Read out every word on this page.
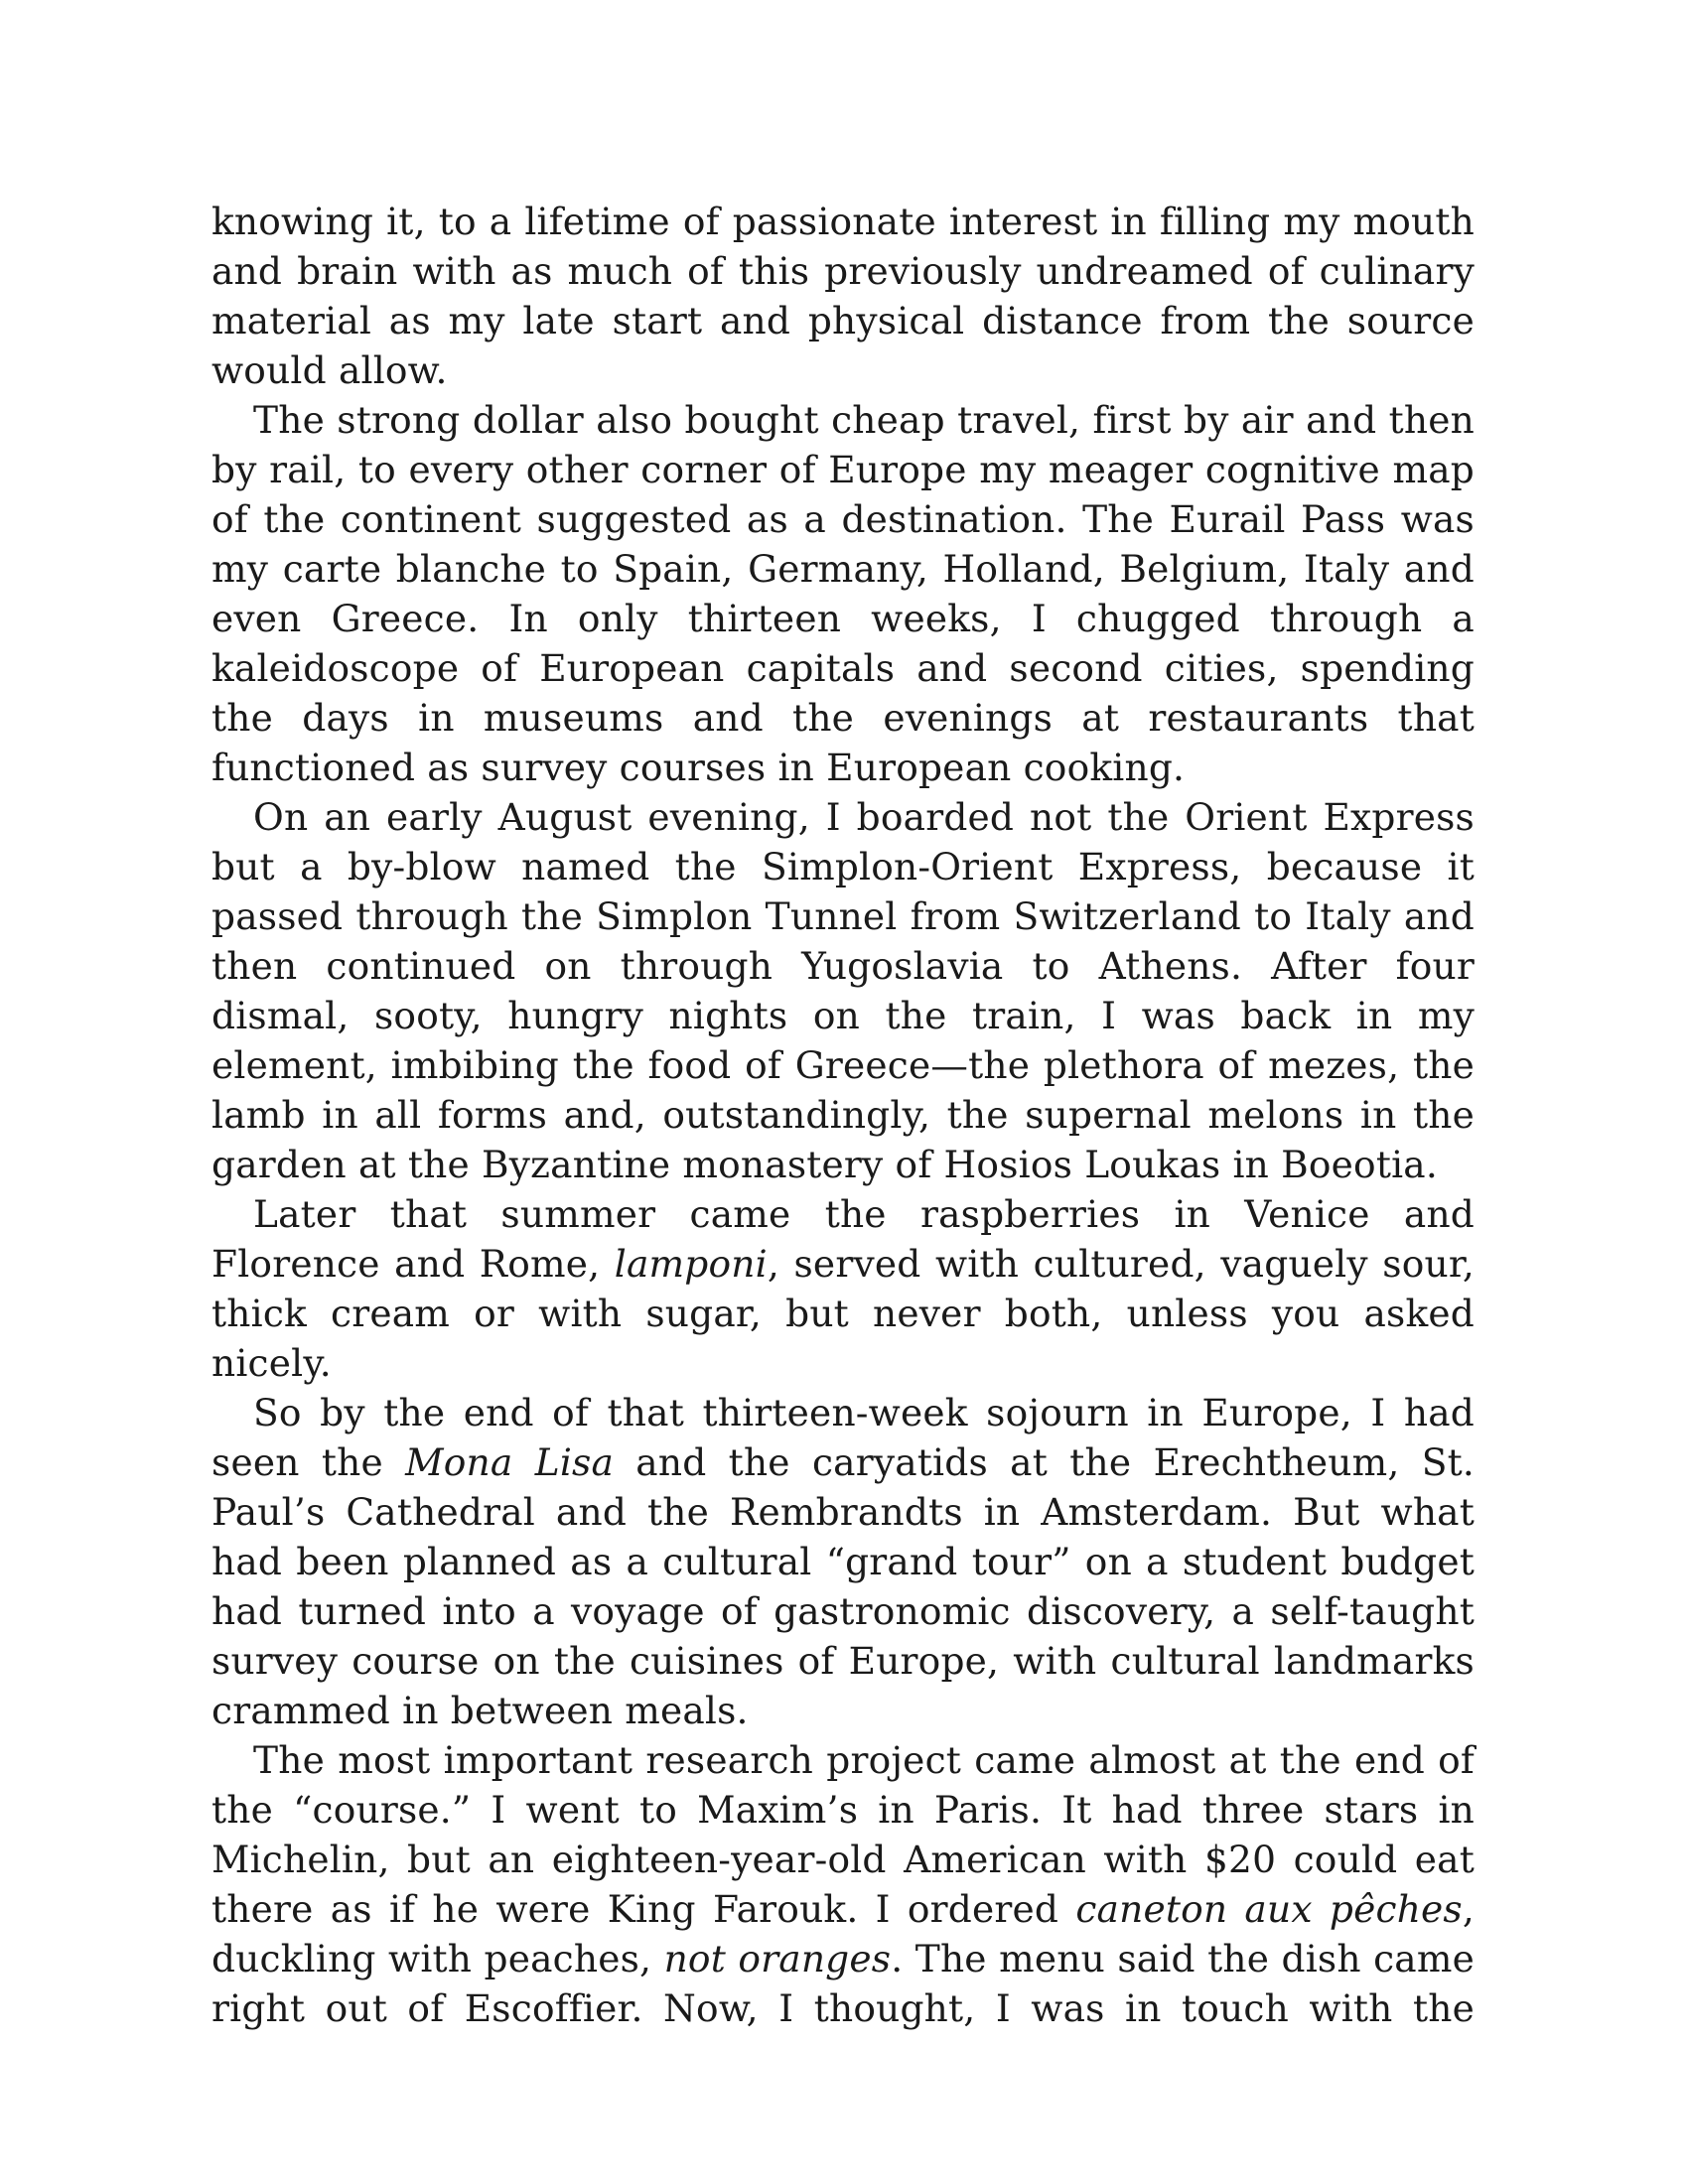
knowing it, to a lifetime of passionate interest in filling my mouth and brain with as much of this previously undreamed of culinary material as my late start and physical distance from the source would allow.

The strong dollar also bought cheap travel, first by air and then by rail, to every other corner of Europe my meager cognitive map of the continent suggested as a destination. The Eurail Pass was my carte blanche to Spain, Germany, Holland, Belgium, Italy and even Greece. In only thirteen weeks, I chugged through a kaleidoscope of European capitals and second cities, spending the days in museums and the evenings at restaurants that functioned as survey courses in European cooking.

On an early August evening, I boarded not the Orient Express but a by-blow named the Simplon-Orient Express, because it passed through the Simplon Tunnel from Switzerland to Italy and then continued on through Yugoslavia to Athens. After four dismal, sooty, hungry nights on the train, I was back in my element, imbibing the food of Greece—the plethora of mezes, the lamb in all forms and, outstandingly, the supernal melons in the garden at the Byzantine monastery of Hosios Loukas in Boeotia.

Later that summer came the raspberries in Venice and Florence and Rome, lamponi, served with cultured, vaguely sour, thick cream or with sugar, but never both, unless you asked nicely.

So by the end of that thirteen-week sojourn in Europe, I had seen the Mona Lisa and the caryatids at the Erechtheum, St. Paul’s Cathedral and the Rembrandts in Amsterdam. But what had been planned as a cultural “grand tour” on a student budget had turned into a voyage of gastronomic discovery, a self-taught survey course on the cuisines of Europe, with cultural landmarks crammed in between meals.

The most important research project came almost at the end of the “course.” I went to Maxim’s in Paris. It had three stars in Michelin, but an eighteen-year-old American with $20 could eat there as if he were King Farouk. I ordered caneton aux pêches, duckling with peaches, not oranges. The menu said the dish came right out of Escoffier. Now, I thought, I was in touch with the
